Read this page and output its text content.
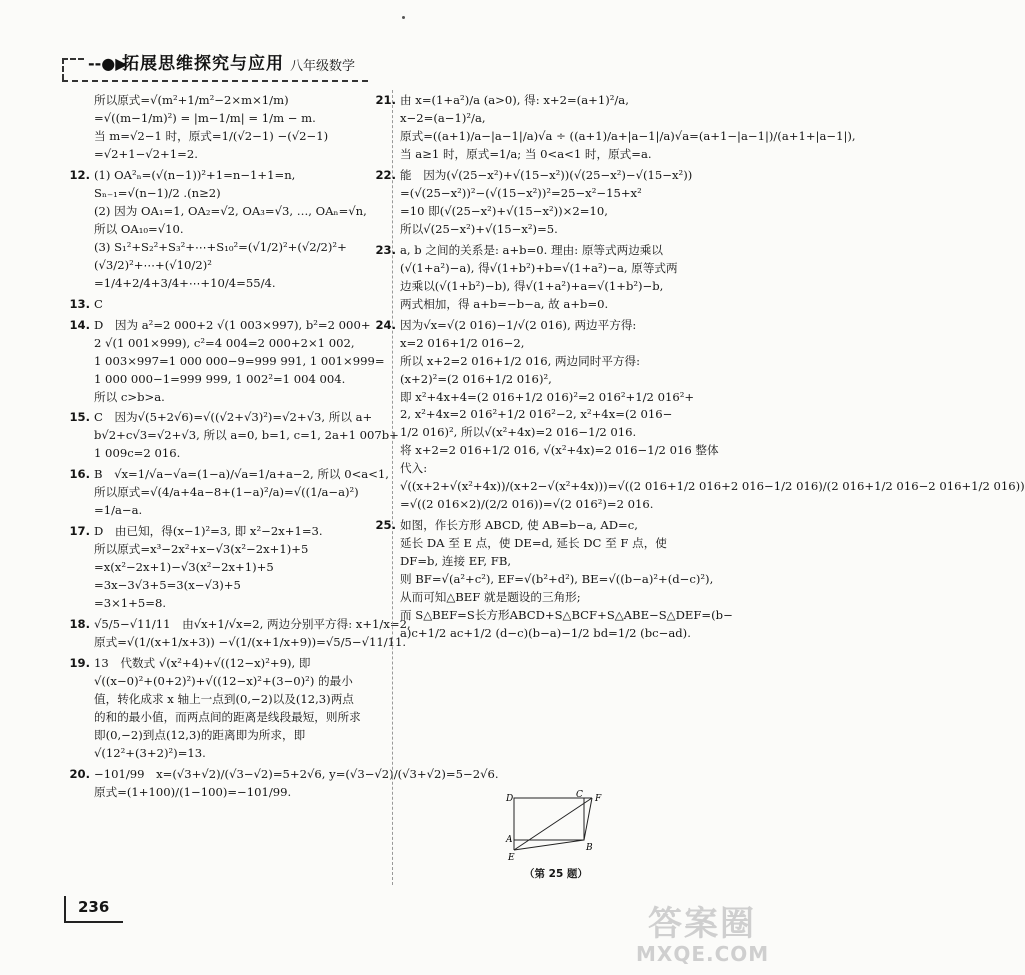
--●▶
拓展思维探究与应用 八年级数学
所以原式=√(m²+1/m²−2×m×1/m)
=√((m−1/m)²) = |m−1/m| = 1/m − m.
当 m=√2−1 时，原式=1/(√2−1) −(√2−1)
=√2+1−√2+1=2.
12. (1) OA²ₙ=(√(n−1))²+1=n−1+1=n,
Sₙ₋₁=√(n−1)/2 .(n≥2)
(2) 因为 OA₁=1, OA₂=√2, OA₃=√3, …, OAₙ=√n,
所以 OA₁₀=√10.
(3) S₁²+S₂²+S₃²+⋯+S₁₀²=(√1/2)²+(√2/2)²+
(√3/2)²+⋯+(√10/2)²
=1/4+2/4+3/4+⋯+10/4=55/4.
13. C
14. D　因为 a²=2 000+2 √(1 003×997), b²=2 000+
2 √(1 001×999), c²=4 004=2 000+2×1 002,
1 003×997=1 000 000−9=999 991, 1 001×999=
1 000 000−1=999 999, 1 002²=1 004 004.
所以 c>b>a.
15. C　因为√(5+2√6)=√((√2+√3)²)=√2+√3, 所以 a+
b√2+c√3=√2+√3, 所以 a=0, b=1, c=1, 2a+1 007b+
1 009c=2 016.
16. B　√x=1/√a−√a=(1−a)/√a=1/a+a−2, 所以 0<a<1,
所以原式=√(4/a+4a−8+(1−a)²/a)=√((1/a−a)²)
=1/a−a.
17. D　由已知，得(x−1)²=3, 即 x²−2x+1=3.
所以原式=x³−2x²+x−√3(x²−2x+1)+5
=x(x²−2x+1)−√3(x²−2x+1)+5
=3x−3√3+5=3(x−√3)+5
=3×1+5=8.
18. √5/5−√11/11　由√x+1/√x=2, 两边分别平方得: x+1/x=2,
原式=√(1/(x+1/x+3)) −√(1/(x+1/x+9))=√5/5−√11/11.
19. 13　代数式 √(x²+4)+√((12−x)²+9), 即
√((x−0)²+(0+2)²)+√((12−x)²+(3−0)²) 的最小
值，转化成求 x 轴上一点到(0,−2)以及(12,3)两点
的和的最小值，而两点间的距离是线段最短，则所求
即(0,−2)到点(12,3)的距离即为所求，即
√(12²+(3+2)²)=13.
20. −101/99　x=(√3+√2)/(√3−√2)=5+2√6, y=(√3−√2)/(√3+√2)=5−2√6.
原式=(1+100)/(1−100)=−101/99.
21. 由 x=(1+a²)/a (a>0), 得: x+2=(a+1)²/a,
x−2=(a−1)²/a,
原式=((a+1)/a−|a−1|/a)√a ÷ ((a+1)/a+|a−1|/a)√a=(a+1−|a−1|)/(a+1+|a−1|),
当 a≥1 时，原式=1/a; 当 0<a<1 时，原式=a.
22. 能　因为(√(25−x²)+√(15−x²))(√(25−x²)−√(15−x²))
=(√(25−x²))²−(√(15−x²))²=25−x²−15+x²
=10 即(√(25−x²)+√(15−x²))×2=10,
所以√(25−x²)+√(15−x²)=5.
23. a, b 之间的关系是: a+b=0. 理由: 原等式两边乘以
(√(1+a²)−a), 得√(1+b²)+b=√(1+a²)−a, 原等式两
边乘以(√(1+b²)−b), 得√(1+a²)+a=√(1+b²)−b,
两式相加，得 a+b=−b−a, 故 a+b=0.
24. 因为√x=√(2 016)−1/√(2 016), 两边平方得:
x=2 016+1/2 016−2,
所以 x+2=2 016+1/2 016, 两边同时平方得:
(x+2)²=(2 016+1/2 016)²,
即 x²+4x+4=(2 016+1/2 016)²=2 016²+1/2 016²+
2, x²+4x=2 016²+1/2 016²−2, x²+4x=(2 016−
1/2 016)², 所以√(x²+4x)=2 016−1/2 016.
将 x+2=2 016+1/2 016, √(x²+4x)=2 016−1/2 016 整体
代入:
√((x+2+√(x²+4x))/(x+2−√(x²+4x)))=√((2 016+1/2 016+2 016−1/2 016)/(2 016+1/2 016−2 016+1/2 016))
=√((2 016×2)/(2/2 016))=√(2 016²)=2 016.
25. 如图，作长方形 ABCD, 使 AB=b−a, AD=c,
延长 DA 至 E 点，使 DE=d, 延长 DC 至 F 点，使
DF=b, 连接 EF, FB,
则 BF=√(a²+c²), EF=√(b²+d²), BE=√((b−a)²+(d−c)²),
从而可知△BEF 就是题设的三角形;
而 S△BEF=S长方形ABCD+S△BCF+S△ABE−S△DEF=(b−
a)c+1/2 ac+1/2 (d−c)(b−a)−1/2 bd=1/2 (bc−ad).
D	C F
A
B
E
（第 25 题）
236	答案圈
MXQE.COM
